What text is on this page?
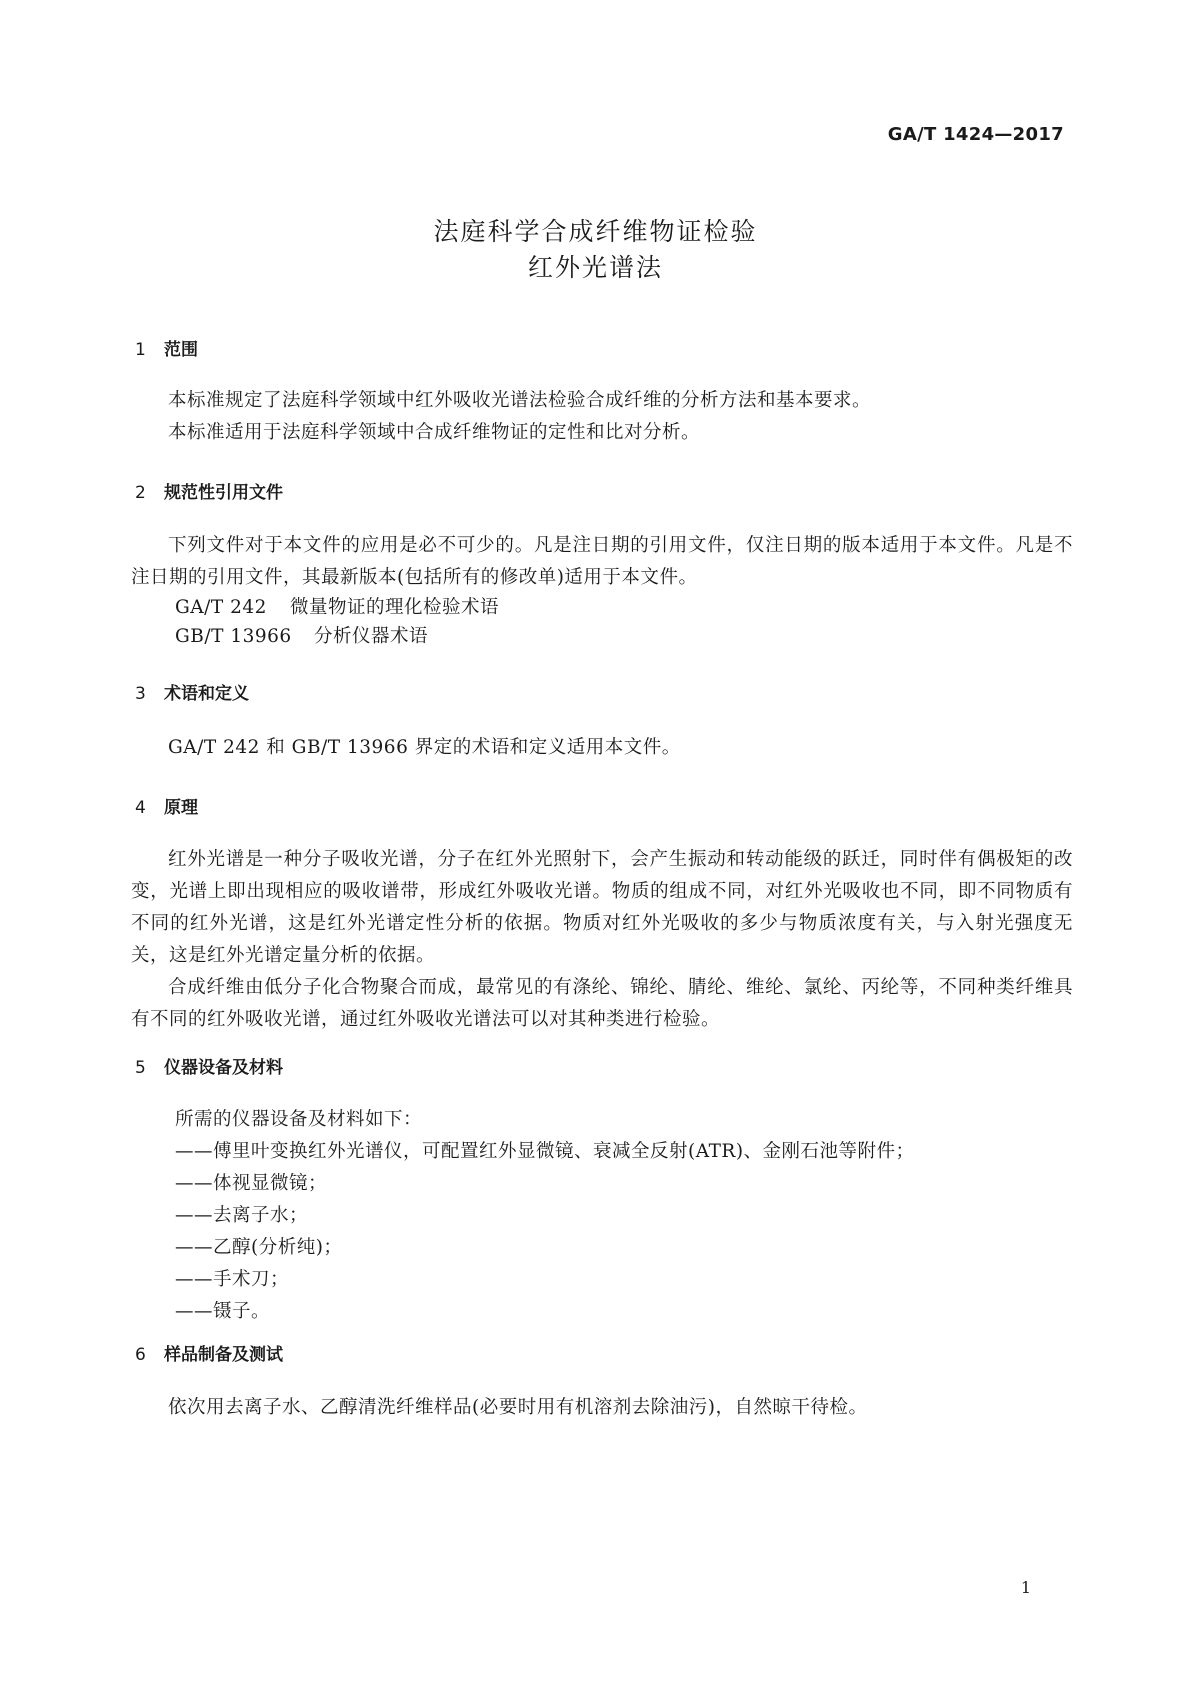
GA/T 1424—2017
法庭科学合成纤维物证检验
红外光谱法
1 范围

本标准规定了法庭科学领域中红外吸收光谱法检验合成纤维的分析方法和基本要求。

本标准适用于法庭科学领域中合成纤维物证的定性和比对分析。

2 规范性引用文件

下列文件对于本文件的应用是必不可少的。凡是注日期的引用文件，仅注日期的版本适用于本文件。凡是不注日期的引用文件，其最新版本(包括所有的修改单)适用于本文件。

GA/T 242 微量物证的理化检验术语
GB/T 13966 分析仪器术语
3 术语和定义

GA/T 242 和 GB/T 13966 界定的术语和定义适用本文件。

4 原理

红外光谱是一种分子吸收光谱，分子在红外光照射下，会产生振动和转动能级的跃迁，同时伴有偶极矩的改变，光谱上即出现相应的吸收谱带，形成红外吸收光谱。物质的组成不同，对红外光吸收也不同，即不同物质有不同的红外光谱，这是红外光谱定性分析的依据。物质对红外光吸收的多少与物质浓度有关，与入射光强度无关，这是红外光谱定量分析的依据。

合成纤维由低分子化合物聚合而成，最常见的有涤纶、锦纶、腈纶、维纶、氯纶、丙纶等，不同种类纤维具有不同的红外吸收光谱，通过红外吸收光谱法可以对其种类进行检验。

5 仪器设备及材料
所需的仪器设备及材料如下：
——傅里叶变换红外光谱仪，可配置红外显微镜、衰减全反射(ATR)、金刚石池等附件；
——体视显微镜；
——去离子水；
——乙醇(分析纯)；
——手术刀；
——镊子。
6 样品制备及测试

依次用去离子水、乙醇清洗纤维样品(必要时用有机溶剂去除油污)，自然晾干待检。

1
